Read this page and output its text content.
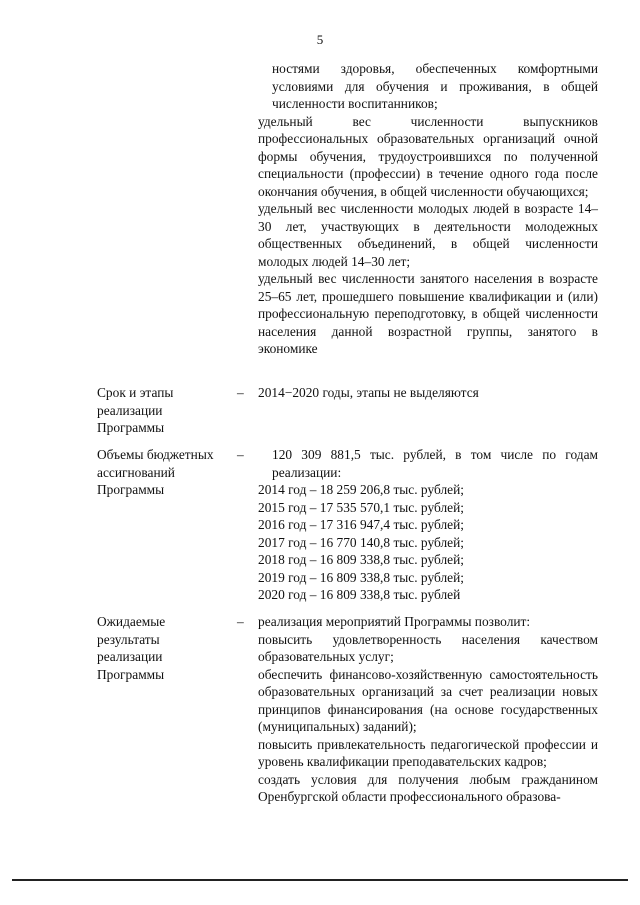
5

ностями здоровья, обеспеченных комфортными условиями для обучения и проживания, в общей численности воспитанников;

удельный вес численности выпускников профессиональных образовательных организаций очной формы обучения, трудоустроившихся по полученной специальности (профессии) в течение одного года после окончания обучения, в общей численности обучающихся;

удельный вес численности молодых людей в возрасте 14–30 лет, участвующих в деятельности молодежных общественных объединений, в общей численности молодых людей 14–30 лет;

удельный вес численности занятого населения в возрасте 25–65 лет, прошедшего повышение квалификации и (или) профессиональную переподготовку, в общей численности населения данной возрастной группы, занятого в экономике

Срок и этапы
реализации
Программы
– 2014−2020 годы, этапы не выделяются
Объемы бюджетных
ассигнований
Программы
–	120 309 881,5 тыс. рублей, в том числе по годам реализации:

2014 год – 18 259 206,8 тыс. рублей;
2015 год – 17 535 570,1 тыс. рублей;
2016 год – 17 316 947,4 тыс. рублей;
2017 год – 16 770 140,8 тыс. рублей;
2018 год – 16 809 338,8 тыс. рублей;
2019 год – 16 809 338,8 тыс. рублей;
2020 год – 16 809 338,8 тыс. рублей
Ожидаемые
результаты
реализации
Программы
– реализация мероприятий Программы позволит:

повысить удовлетворенность населения качеством образовательных услуг;

обеспечить финансово-хозяйственную самостоятельность образовательных организаций за счет реализации новых принципов финансирования (на основе государственных (муниципальных) заданий);

повысить привлекательность педагогической профессии и уровень квалификации преподавательских кадров;

создать условия для получения любым гражданином Оренбургской области профессионального образова-
